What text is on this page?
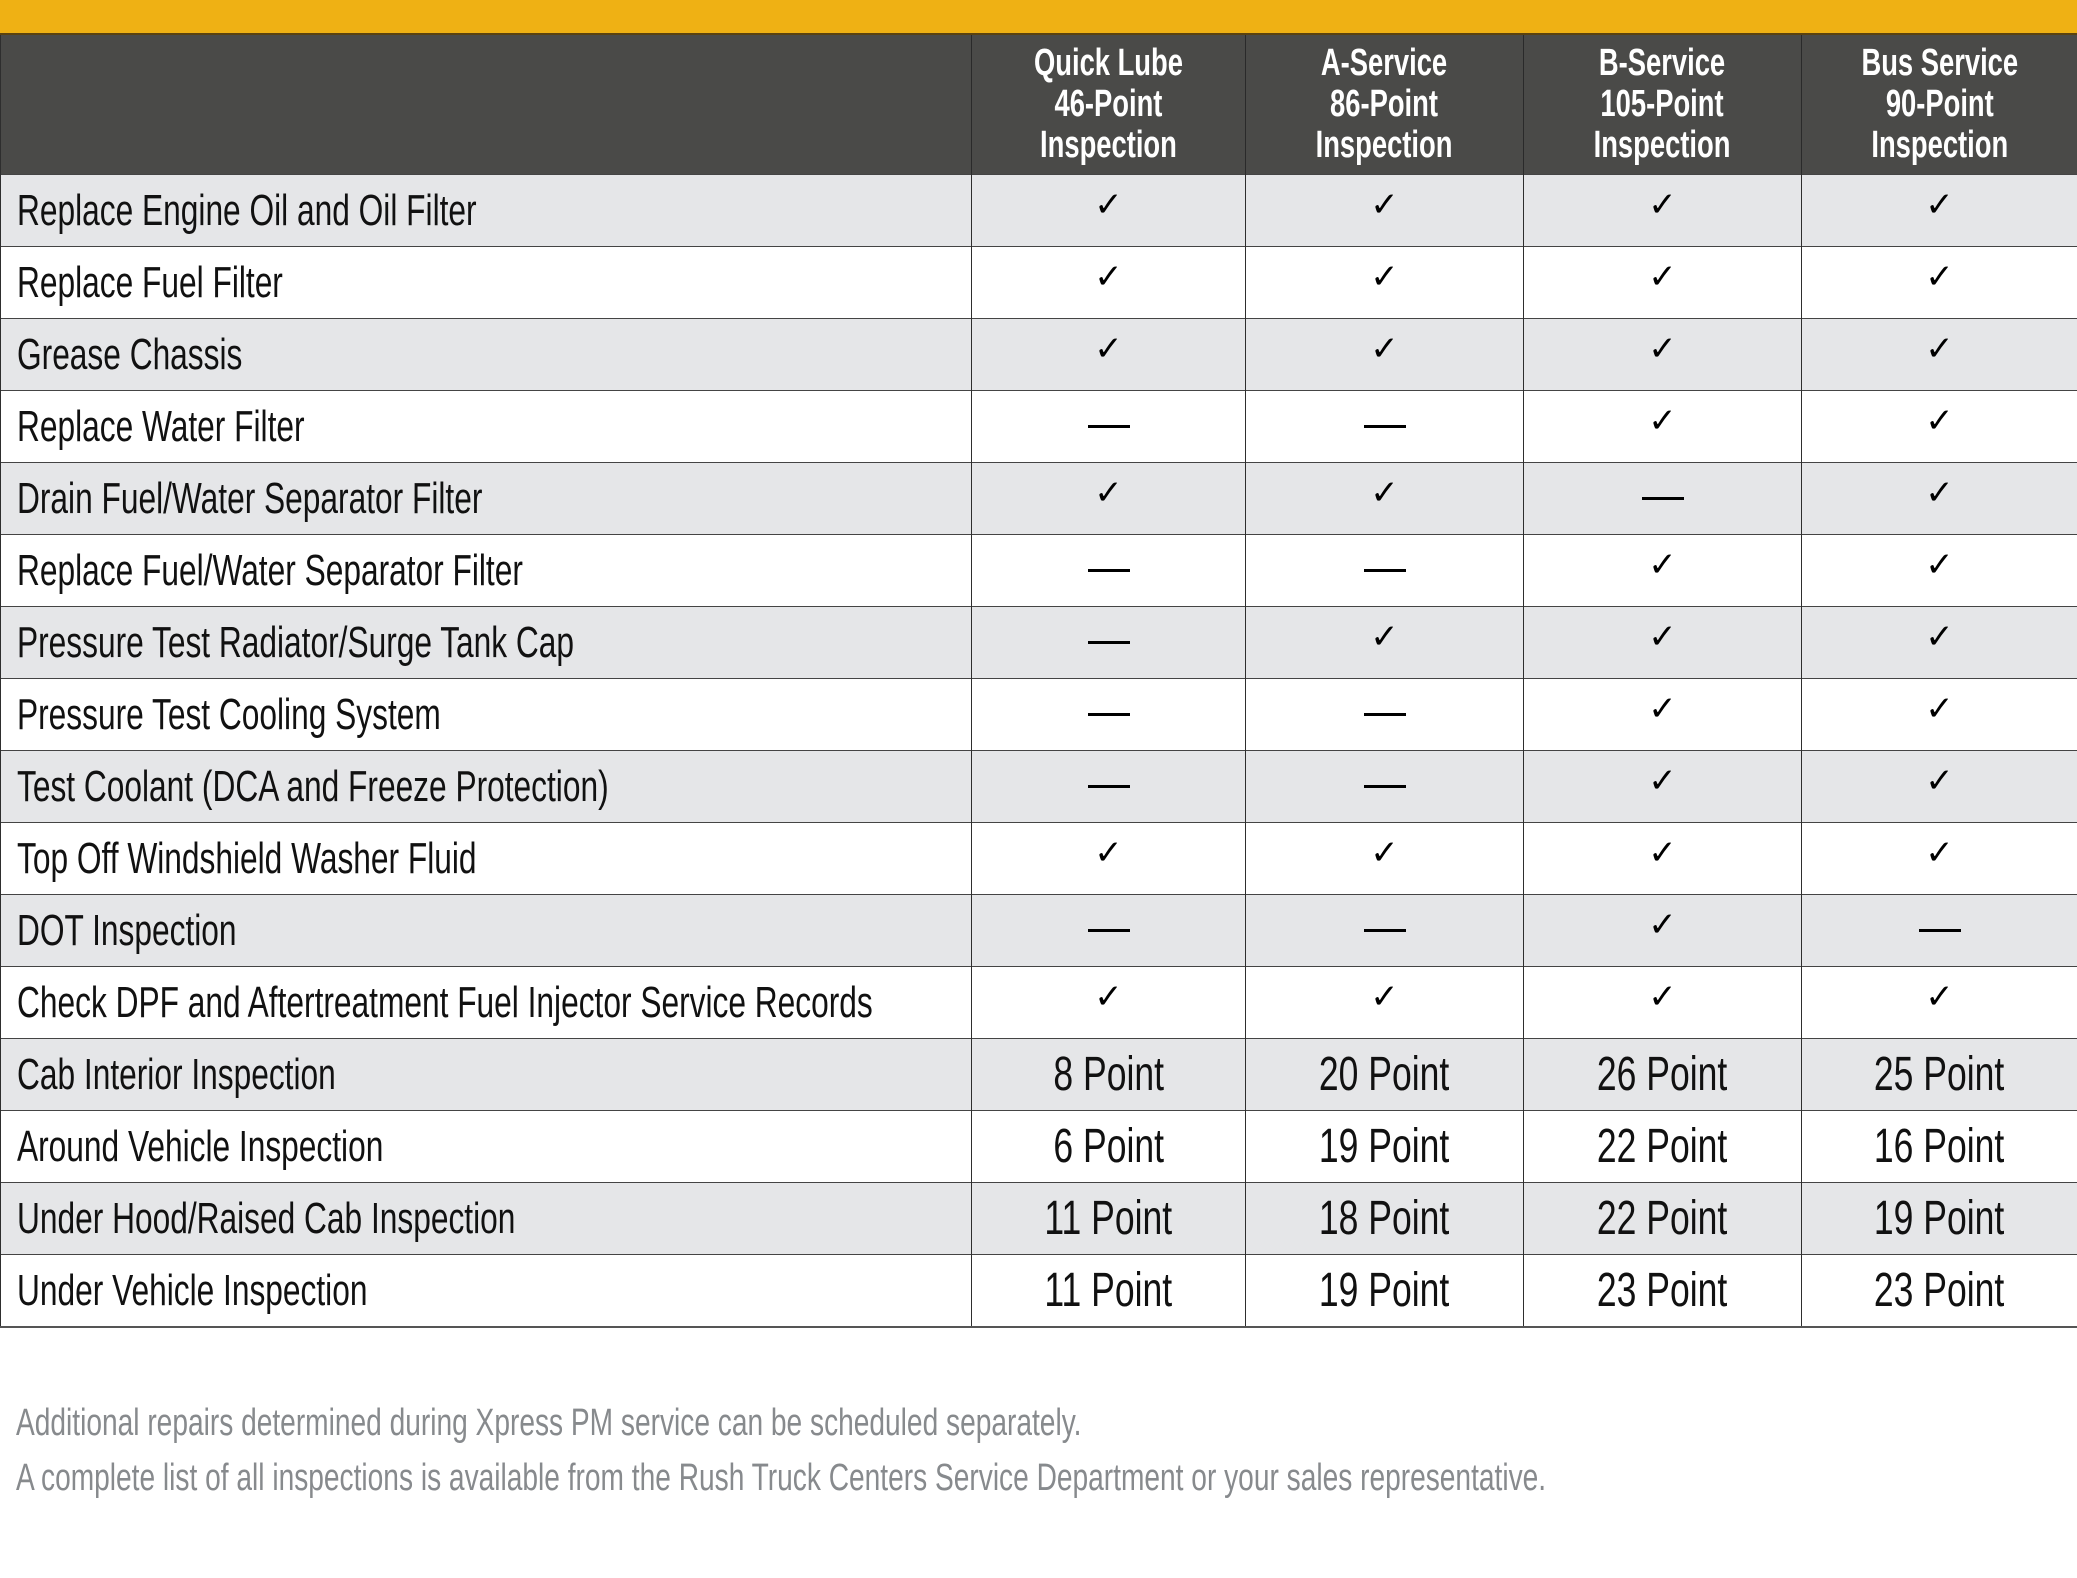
	Quick Lube
46-Point
Inspection	A-Service
86-Point
Inspection	B-Service
105-Point
Inspection	Bus Service
90-Point
Inspection

Replace Engine Oil and Oil Filter	✓	✓	✓	✓
Replace Fuel Filter	✓	✓	✓	✓
Grease Chassis	✓	✓	✓	✓
Replace Water Filter			✓	✓
Drain Fuel/Water Separator Filter	✓	✓		✓
Replace Fuel/Water Separator Filter			✓	✓
Pressure Test Radiator/Surge Tank Cap		✓	✓	✓
Pressure Test Cooling System			✓	✓
Test Coolant (DCA and Freeze Protection)			✓	✓
Top Off Windshield Washer Fluid	✓	✓	✓	✓
DOT Inspection			✓	
Check DPF and Aftertreatment Fuel Injector Service Records	✓	✓	✓	✓
Cab Interior Inspection	8 Point	20 Point	26 Point	25 Point
Around Vehicle Inspection	6 Point	19 Point	22 Point	16 Point
Under Hood/Raised Cab Inspection	11 Point	18 Point	22 Point	19 Point
Under Vehicle Inspection	11 Point	19 Point	23 Point	23 Point
Additional repairs determined during Xpress PM service can be scheduled separately.
A complete list of all inspections is available from the Rush Truck Centers Service Department or your sales representative.
